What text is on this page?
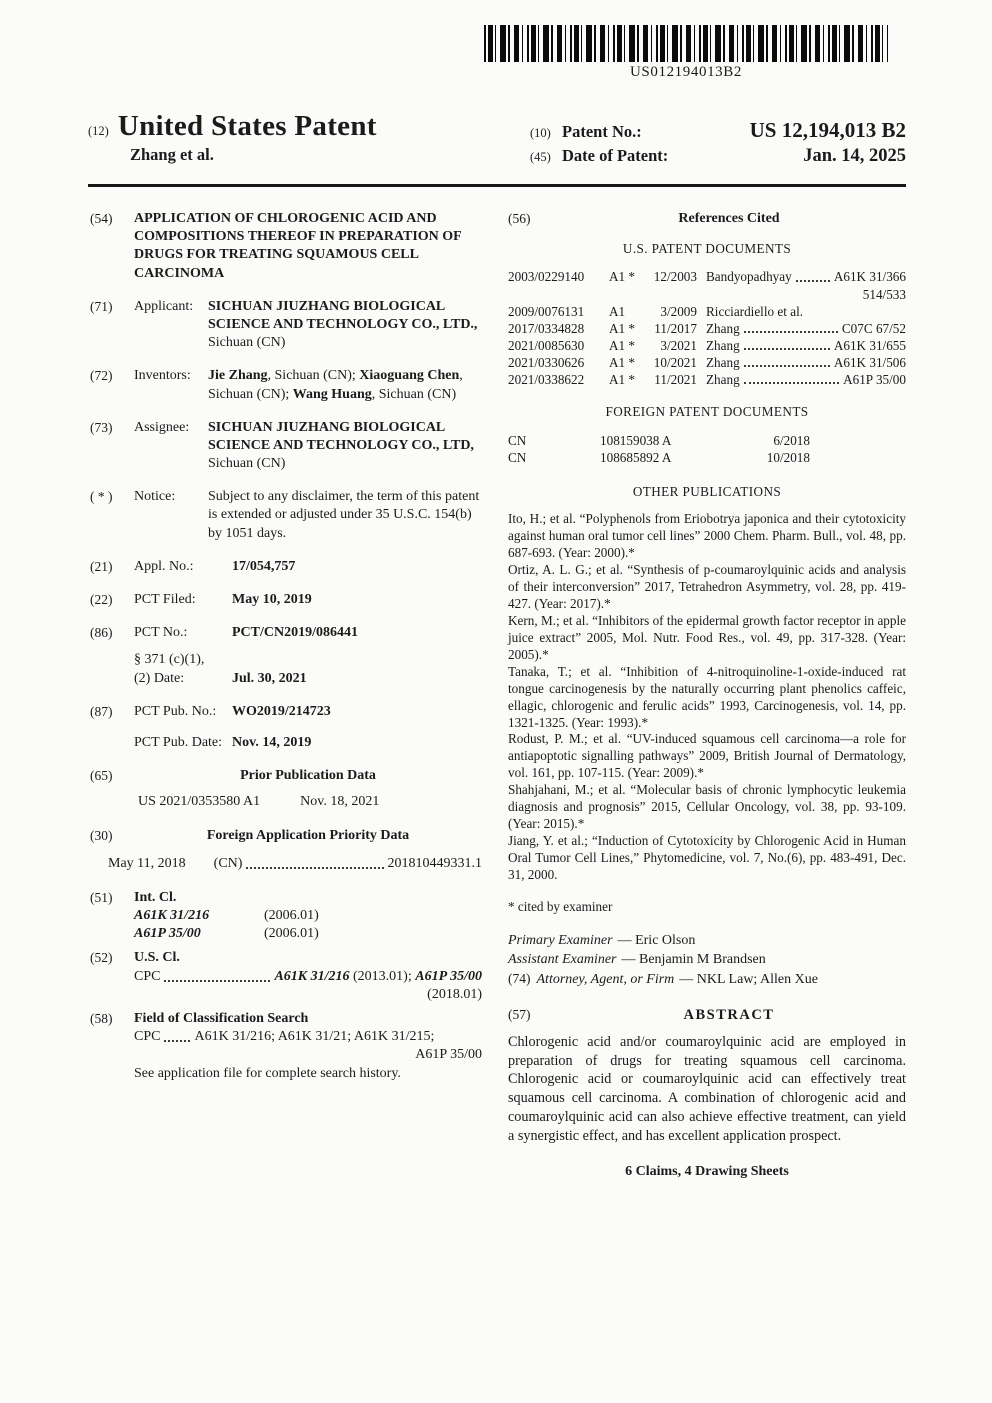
US012194013B2
(12) United States Patent
Zhang et al.
(10) Patent No.:	US 12,194,013 B2
(45) Date of Patent:	Jan. 14, 2025
(54)	APPLICATION OF CHLOROGENIC ACID AND COMPOSITIONS THEREOF IN PREPARATION OF DRUGS FOR TREATING SQUAMOUS CELL CARCINOMA
(71)	Applicant:	SICHUAN JIUZHANG BIOLOGICAL SCIENCE AND TECHNOLOGY CO., LTD., Sichuan (CN)
(72)	Inventors:	Jie Zhang, Sichuan (CN); Xiaoguang Chen, Sichuan (CN); Wang Huang, Sichuan (CN)
(73)	Assignee:	SICHUAN JIUZHANG BIOLOGICAL SCIENCE AND TECHNOLOGY CO., LTD, Sichuan (CN)
( * )	Notice:	Subject to any disclaimer, the term of this patent is extended or adjusted under 35 U.S.C. 154(b) by 1051 days.
(21)	Appl. No.:	17/054,757
(22)	PCT Filed:	May 10, 2019
(86)	PCT No.:	PCT/CN2019/086441
§ 371 (c)(1),
(2) Date:	Jul. 30, 2021
(87)	PCT Pub. No.:	WO2019/214723
PCT Pub. Date: Nov. 14, 2019
(65)	Prior Publication Data
US 2021/0353580 A1	Nov. 18, 2021
(30)	Foreign Application Priority Data
May 11, 2018 (CN)	201810449331.1
(51)	Int. Cl.
A61K 31/216	(2006.01)
A61P 35/00	(2006.01)
(52)	U.S. Cl.
CPC	A61K 31/216 (2013.01); A61P 35/00
(2018.01)
(58)	Field of Classification Search
CPC A61K 31/216; A61K 31/21; A61K 31/215;
A61P 35/00
See application file for complete search history.
(56)	References Cited
U.S. PATENT DOCUMENTS
2003/0229140	A1 *	12/2003 Bandyopadhyay	A61K 31/366
514/533
2009/0076131	A1	3/2009 Ricciardiello et al.
2017/0334828	A1 *	11/2017 Zhang	C07C 67/52
2021/0085630	A1 *	3/2021 Zhang	A61K 31/655
2021/0330626	A1 *	10/2021 Zhang	A61K 31/506
2021/0338622	A1 *	11/2021 Zhang	A61P 35/00
FOREIGN PATENT DOCUMENTS
CN	108159038 A	6/2018
CN	108685892 A	10/2018
OTHER PUBLICATIONS

Ito, H.; et al. “Polyphenols from Eriobotrya japonica and their cytotoxicity against human oral tumor cell lines” 2000 Chem. Pharm. Bull., vol. 48, pp. 687-693. (Year: 2000).*

Ortiz, A. L. G.; et al. “Synthesis of p-coumaroylquinic acids and analysis of their interconversion” 2017, Tetrahedron Asymmetry, vol. 28, pp. 419-427. (Year: 2017).*

Kern, M.; et al. “Inhibitors of the epidermal growth factor receptor in apple juice extract” 2005, Mol. Nutr. Food Res., vol. 49, pp. 317-328. (Year: 2005).*

Tanaka, T.; et al. “Inhibition of 4-nitroquinoline-1-oxide-induced rat tongue carcinogenesis by the naturally occurring plant phenolics caffeic, ellagic, chlorogenic and ferulic acids” 1993, Carcinogenesis, vol. 14, pp. 1321-1325. (Year: 1993).*

Rodust, P. M.; et al. “UV-induced squamous cell carcinoma—a role for antiapoptotic signalling pathways” 2009, British Journal of Dermatology, vol. 161, pp. 107-115. (Year: 2009).*

Shahjahani, M.; et al. “Molecular basis of chronic lymphocytic leukemia diagnosis and prognosis” 2015, Cellular Oncology, vol. 38, pp. 93-109. (Year: 2015).*

Jiang, Y. et al.; “Induction of Cytotoxicity by Chlorogenic Acid in Human Oral Tumor Cell Lines,” Phytomedicine, vol. 7, No.(6), pp. 483-491, Dec. 31, 2000.

* cited by examiner
Primary Examiner — Eric Olson
Assistant Examiner — Benjamin M Brandsen
(74) Attorney, Agent, or Firm — NKL Law; Allen Xue
(57)	ABSTRACT
Chlorogenic acid and/or coumaroylquinic acid are employed in preparation of drugs for treating squamous cell carcinoma. Chlorogenic acid or coumaroylquinic acid can effectively treat squamous cell carcinoma. A combination of chlorogenic acid and coumaroylquinic acid can also achieve effective treatment, can yield a synergistic effect, and has excellent application prospect.
6 Claims, 4 Drawing Sheets
